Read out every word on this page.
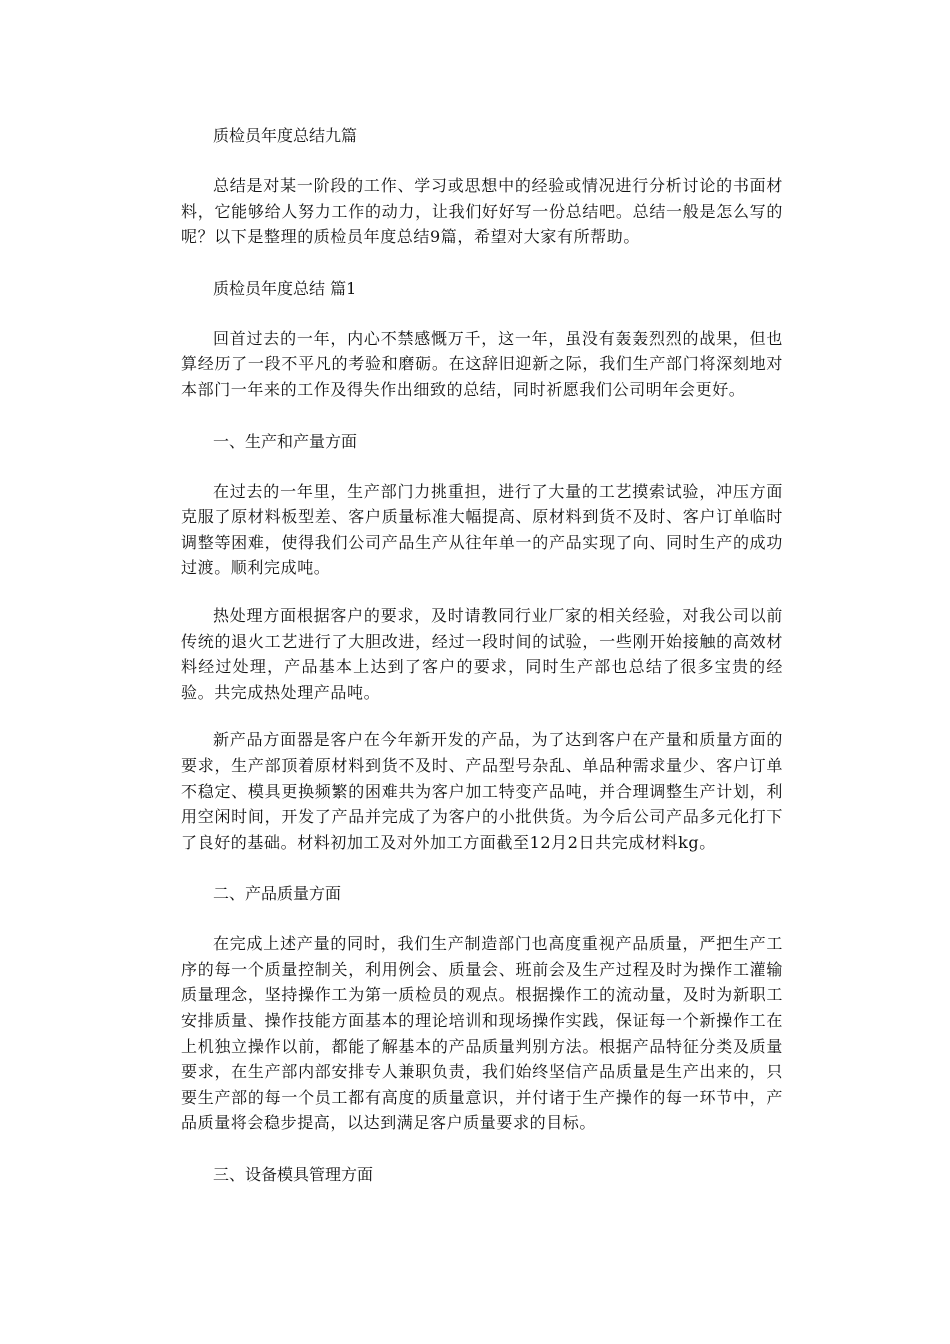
质检员年度总结九篇

总结是对某一阶段的工作、学习或思想中的经验或情况进行分析讨论的书面材料，它能够给人努力工作的动力，让我们好好写一份总结吧。总结一般是怎么写的呢？以下是整理的质检员年度总结9篇，希望对大家有所帮助。

质检员年度总结 篇1

回首过去的一年，内心不禁感慨万千，这一年，虽没有轰轰烈烈的战果，但也算经历了一段不平凡的考验和磨砺。在这辞旧迎新之际，我们生产部门将深刻地对本部门一年来的工作及得失作出细致的总结，同时祈愿我们公司明年会更好。

一、生产和产量方面

在过去的一年里，生产部门力挑重担，进行了大量的工艺摸索试验，冲压方面克服了原材料板型差、客户质量标准大幅提高、原材料到货不及时、客户订单临时调整等困难，使得我们公司产品生产从往年单一的产品实现了向、同时生产的成功过渡。顺利完成吨。

热处理方面根据客户的要求，及时请教同行业厂家的相关经验，对我公司以前传统的退火工艺进行了大胆改进，经过一段时间的试验，一些刚开始接触的高效材料经过处理，产品基本上达到了客户的要求，同时生产部也总结了很多宝贵的经验。共完成热处理产品吨。

新产品方面器是客户在今年新开发的产品，为了达到客户在产量和质量方面的要求，生产部顶着原材料到货不及时、产品型号杂乱、单品种需求量少、客户订单不稳定、模具更换频繁的困难共为客户加工特变产品吨，并合理调整生产计划，利用空闲时间，开发了产品并完成了为客户的小批供货。为今后公司产品多元化打下了良好的基础。材料初加工及对外加工方面截至12月2日共完成材料kg。

二、产品质量方面

在完成上述产量的同时，我们生产制造部门也高度重视产品质量，严把生产工序的每一个质量控制关，利用例会、质量会、班前会及生产过程及时为操作工灌输质量理念，坚持操作工为第一质检员的观点。根据操作工的流动量，及时为新职工安排质量、操作技能方面基本的理论培训和现场操作实践，保证每一个新操作工在上机独立操作以前，都能了解基本的产品质量判别方法。根据产品特征分类及质量要求，在生产部内部安排专人兼职负责，我们始终坚信产品质量是生产出来的，只要生产部的每一个员工都有高度的质量意识，并付诸于生产操作的每一环节中，产品质量将会稳步提高，以达到满足客户质量要求的目标。

三、设备模具管理方面
